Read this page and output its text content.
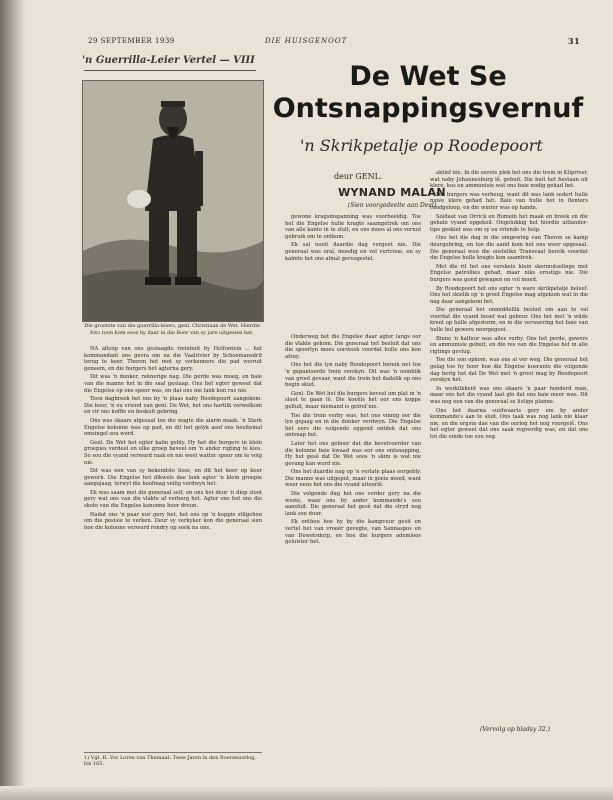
29 SEPTEMBER 1939	DIE HUISGENOOT	31
'n Guerrilla-Leier Vertel — VIII
De Wet Se
Ontsnappingsvernuf
'n Skrikpetalje op Roodepoort
deur GENL.
WYNAND MALAN
(Sien voorgedeelte aan Deel)
Die grootste van die guerrilla-leiers, genl. Christiaan de Wet. Hierdie foto toon hom soos hy daar in die Boer van sy jare uitgesien het.

NA afloop van ons geslaagde treinbuit by Holfontein ... het kommandant ons gevra om na die Vaalrivier by Schoemansdrif terug te keer. Theron het met sy verkenners die pad vooruit geneem, en die burgers het agterna gery.

Dit was 'n donker, reënerige nag. Die perde was moeg, en baie van die manne het in die saal geslaap. Ons het egter geweet dat die Engelse op ons spoor was, en dat ons nie lank kon rus nie.

Teen dagbreek het ons by 'n plaas naby Roodepoort aangekom. Die boer, 'n ou vriend van genl. De Wet, het ons hartlik verwelkom en vir ons koffie en beskuit gebring.

Ons was skaars afgesaal toe die wagte die alarm maak. 'n Sterk Engelse kolonne was op pad, en dit het gelyk asof ons heeltemal omsingel sou word.

Genl. De Wet het egter kalm gebly. Hy het die burgers in klein groepies verdeel en elke groep beveel om 'n ander rigting te kies. So sou die vyand verward raak en nie weet watter spoor om te volg nie.

Dit was een van sy bekendste lisse, en dit het keer op keer gewerk. Die Engelse het dikwels dae lank agter 'n klein groepie aangejaag, terwyl die hoofmag veilig verdwyn het.

Ek was saam met die generaal self, en ons het deur 'n diep sloot gery wat ons van die vlakte af verberg het. Agter ons het ons die skote van die Engelse kanonne hoor dreun.

Nadat ons 'n paar uur gery het, het ons op 'n koppie stilgehou om die posisie te verken. Deur sy verkyker kon die generaal sien hoe die kolonne verward rondry op soek na ons.

gewone kragsinspanning was voorbeeldig. Toe het die Engelse hulle kragte saamgetrek om ons van alle kante in te sluit, en ons moes al ons vernuf gebruik om te ontkom.

Ek sal nooit daardie dag vergeet nie. Die generaal was oral, moedig en vol vertroue, en sy kalmte het ons almal gerusgestel.

Onderweg het die Engelse daar agter langs oor die vlakte gekom. Die generaal het besluit dat ons die spoorlyn moes oorsteek voordat hulle ons kon afsny.

Ons het die lyn naby Roodepoort bereik net toe 'n gepantserde trein verskyn. Dit was 'n oomblik van groot gevaar, want die trein het dadelik op ons begin skiet.

Genl. De Wet het die burgers beveel om plat in 'n sloot te gaan lê. Die koeëls het oor ons koppe gefluit, maar niemand is getref nie.

Toe die trein verby was, het ons vinnig oor die lyn gejaag en in die donker verdwyn. Die Engelse het eers die volgende oggend ontdek dat ons ontsnap het.

Later het ons gehoor dat die bevelvoerder van die kolonne baie kwaad was oor ons ontsnapping. Hy het gesê dat De Wet soos 'n skim is wat nie gevang kan word nie.

Ons het daardie nag op 'n verlate plaas oorgebly. Die manne was uitgeput, maar in goeie moed, want weer eens het ons die vyand uitoorlê.

Die volgende dag het ons verder gery na die weste, waar ons by ander kommando's sou aansluit. Die generaal het gesê dat die stryd nog lank sou duur.

Ek onthou hoe hy by die kampvuur gesit en vertel het van vroeër gevegte, van Sannaspos en van Dewetsdorp, en hoe die burgers ademloos geluister het.

aktief nie. In die eerste plek het ons die trein in Klipriver, wat naby Johannesburg lê, gebuit. Die buit het bestaan uit klere, kos en ammunisie wat ons baie nodig gehad het.

Die burgers was verheug, want dit was lank sedert hulle nuwe klere gehad het. Baie van hulle het in flenters rondgeloop, en die winter was op hande.

Soldaat van Orrick en Romein het maak en breek en die gehate vyand opgekeil. Ongelukkig het hierdie uitlander-tipe geskiet was om sy ou vriende te help.

Ons het die dag in die omgewing van Theron se kamp deurgebring, en toe die aand kom het ons weer opgesaal. Die generaal wou die oostelike Transvaal bereik voordat die Engelse hulle kragte kon saamtrek.

Met die rit het ons verskeie klein skermutselinge met Engelse patrollies gehad, maar niks ernstigs nie. Die burgers was goed gewapen en vol moed.

By Roodepoort het ons egter 'n ware skrikpetalje beleef. Ons het skielik op 'n groot Engelse mag afgekom wat in die nag daar aangekom het.

Die generaal het onmiddellik besluit om aan te val voordat die vyand besef wat gebeur. Ons het met 'n wilde kreet op hulle afgestorm, en in die verwarring het baie van hulle hul gewere neergegooi.

Binne 'n halfuur was alles verby. Ons het perde, gewere en ammunisie gebuit, en die res van die Engelse het in alle rigtings gevlug.

Toe die son opkom, was ons al ver weg. Die generaal het gelag toe hy hoor hoe die Engelse koerante die volgende dag berig het dat De Wet met 'n groot mag by Roodepoort verskyn het.

In werklikheid was ons skaars 'n paar honderd man, maar ons het die vyand laat glo dat ons baie meer was. Dit was nog een van die generaal se listige planne.

Ons het daarna suidwaarts gery om by ander kommando's aan te sluit. Ons taak was nog lank nie klaar nie, en die ergste dae van die oorlog het nog voorgelê. Ons het egter geweet dat ons saak regverdig was, en dat ons tot die einde toe sou veg.

1) Vgl. H. Vor Loren van Themaat: Twee Jaren in den Boerenoorlog, bls 165.
(Vervolg op bladsy 32.)
